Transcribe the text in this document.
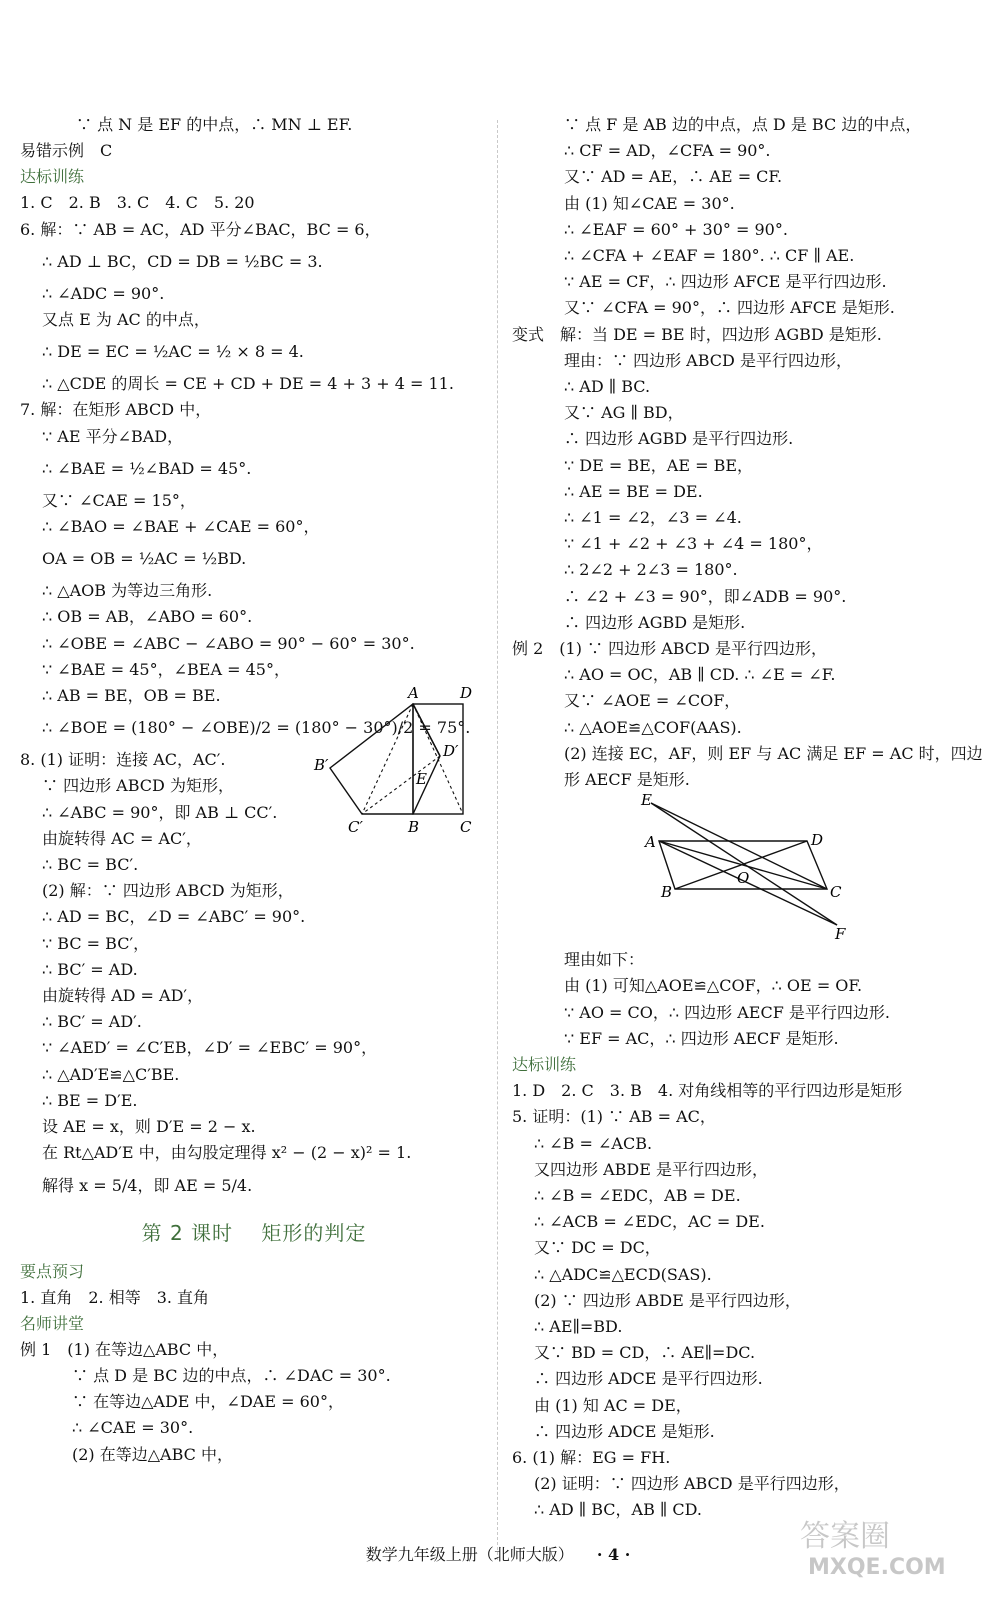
∵ 点 N 是 EF 的中点，∴ MN ⊥ EF.

易错示例　C

达标训练

1. C　2. B　3. C　4. C　5. 20

6. 解：∵ AB = AC，AD 平分∠BAC，BC = 6，

∴ AD ⊥ BC，CD = DB = ½BC = 3.

∴ ∠ADC = 90°.

又点 E 为 AC 的中点，

∴ DE = EC = ½AC = ½ × 8 = 4.

∴ △CDE 的周长 = CE + CD + DE = 4 + 3 + 4 = 11.

7. 解：在矩形 ABCD 中，

∵ AE 平分∠BAD，

∴ ∠BAE = ½∠BAD = 45°.

又∵ ∠CAE = 15°，

∴ ∠BAO = ∠BAE + ∠CAE = 60°，

OA = OB = ½AC = ½BD.

∴ △AOB 为等边三角形.

∴ OB = AB，∠ABO = 60°.

∴ ∠OBE = ∠ABC − ∠ABO = 90° − 60° = 30°.

∵ ∠BAE = 45°，∠BEA = 45°，

∴ AB = BE，OB = BE.

∴ ∠BOE = (180° − ∠OBE)/2 = (180° − 30°)/2 = 75°.

8. (1) 证明：连接 AC，AC′.

∵ 四边形 ABCD 为矩形，

∴ ∠ABC = 90°，即 AB ⊥ CC′.

由旋转得 AC = AC′，

∴ BC = BC′.

(2) 解：∵ 四边形 ABCD 为矩形，

∴ AD = BC，∠D = ∠ABC′ = 90°.

∵ BC = BC′，

∴ BC′ = AD.

由旋转得 AD = AD′，

∴ BC′ = AD′.

∵ ∠AED′ = ∠C′EB，∠D′ = ∠EBC′ = 90°，

∴ △AD′E≌△C′BE.

∴ BE = D′E.

设 AE = x，则 D′E = 2 − x.

在 Rt△AD′E 中，由勾股定理得 x² − (2 − x)² = 1.

解得 x = 5/4，即 AE = 5/4.

第 2 课时　 矩形的判定

要点预习

1. 直角　2. 相等　3. 直角

名师讲堂

例 1　(1) 在等边△ABC 中，

∵ 点 D 是 BC 边的中点，∴ ∠DAC = 30°.

∵ 在等边△ADE 中，∠DAE = 60°，

∴ ∠CAE = 30°.

(2) 在等边△ABC 中，

A	D
D′
B′
E
C′	B	C

∵ 点 F 是 AB 边的中点，点 D 是 BC 边的中点，

∴ CF = AD，∠CFA = 90°.

又∵ AD = AE，∴ AE = CF.

由 (1) 知∠CAE = 30°.

∴ ∠EAF = 60° + 30° = 90°.

∴ ∠CFA + ∠EAF = 180°. ∴ CF ∥ AE.

∵ AE = CF，∴ 四边形 AFCE 是平行四边形.

又∵ ∠CFA = 90°，∴ 四边形 AFCE 是矩形.

变式　解：当 DE = BE 时，四边形 AGBD 是矩形.

理由：∵ 四边形 ABCD 是平行四边形，

∴ AD ∥ BC.

又∵ AG ∥ BD，

∴ 四边形 AGBD 是平行四边形.

∵ DE = BE，AE = BE，

∴ AE = BE = DE.

∴ ∠1 = ∠2，∠3 = ∠4.

∵ ∠1 + ∠2 + ∠3 + ∠4 = 180°，

∴ 2∠2 + 2∠3 = 180°.

∴ ∠2 + ∠3 = 90°，即∠ADB = 90°.

∴ 四边形 AGBD 是矩形.

例 2　(1) ∵ 四边形 ABCD 是平行四边形，

∴ AO = OC，AB ∥ CD. ∴ ∠E = ∠F.

又∵ ∠AOE = ∠COF，

∴ △AOE≌△COF(AAS).

(2) 连接 EC，AF，则 EF 与 AC 满足 EF = AC 时，四边

形 AECF 是矩形.

E
A	D
O
B	C
F

理由如下：

由 (1) 可知△AOE≌△COF，∴ OE = OF.

∵ AO = CO，∴ 四边形 AECF 是平行四边形.

∵ EF = AC，∴ 四边形 AECF 是矩形.

达标训练

1. D　2. C　3. B　4. 对角线相等的平行四边形是矩形

5. 证明：(1) ∵ AB = AC，

∴ ∠B = ∠ACB.

又四边形 ABDE 是平行四边形，

∴ ∠B = ∠EDC，AB = DE.

∴ ∠ACB = ∠EDC，AC = DE.

又∵ DC = DC，

∴ △ADC≌△ECD(SAS).

(2) ∵ 四边形 ABDE 是平行四边形，

∴ AE∥=BD.

又∵ BD = CD，∴ AE∥=DC.

∴ 四边形 ADCE 是平行四边形.

由 (1) 知 AC = DE，

∴ 四边形 ADCE 是矩形.

6. (1) 解：EG = FH.

(2) 证明：∵ 四边形 ABCD 是平行四边形，

∴ AD ∥ BC，AB ∥ CD.

数学九年级上册（北师大版） · 4 ·
答案圈
MXQE.COM
